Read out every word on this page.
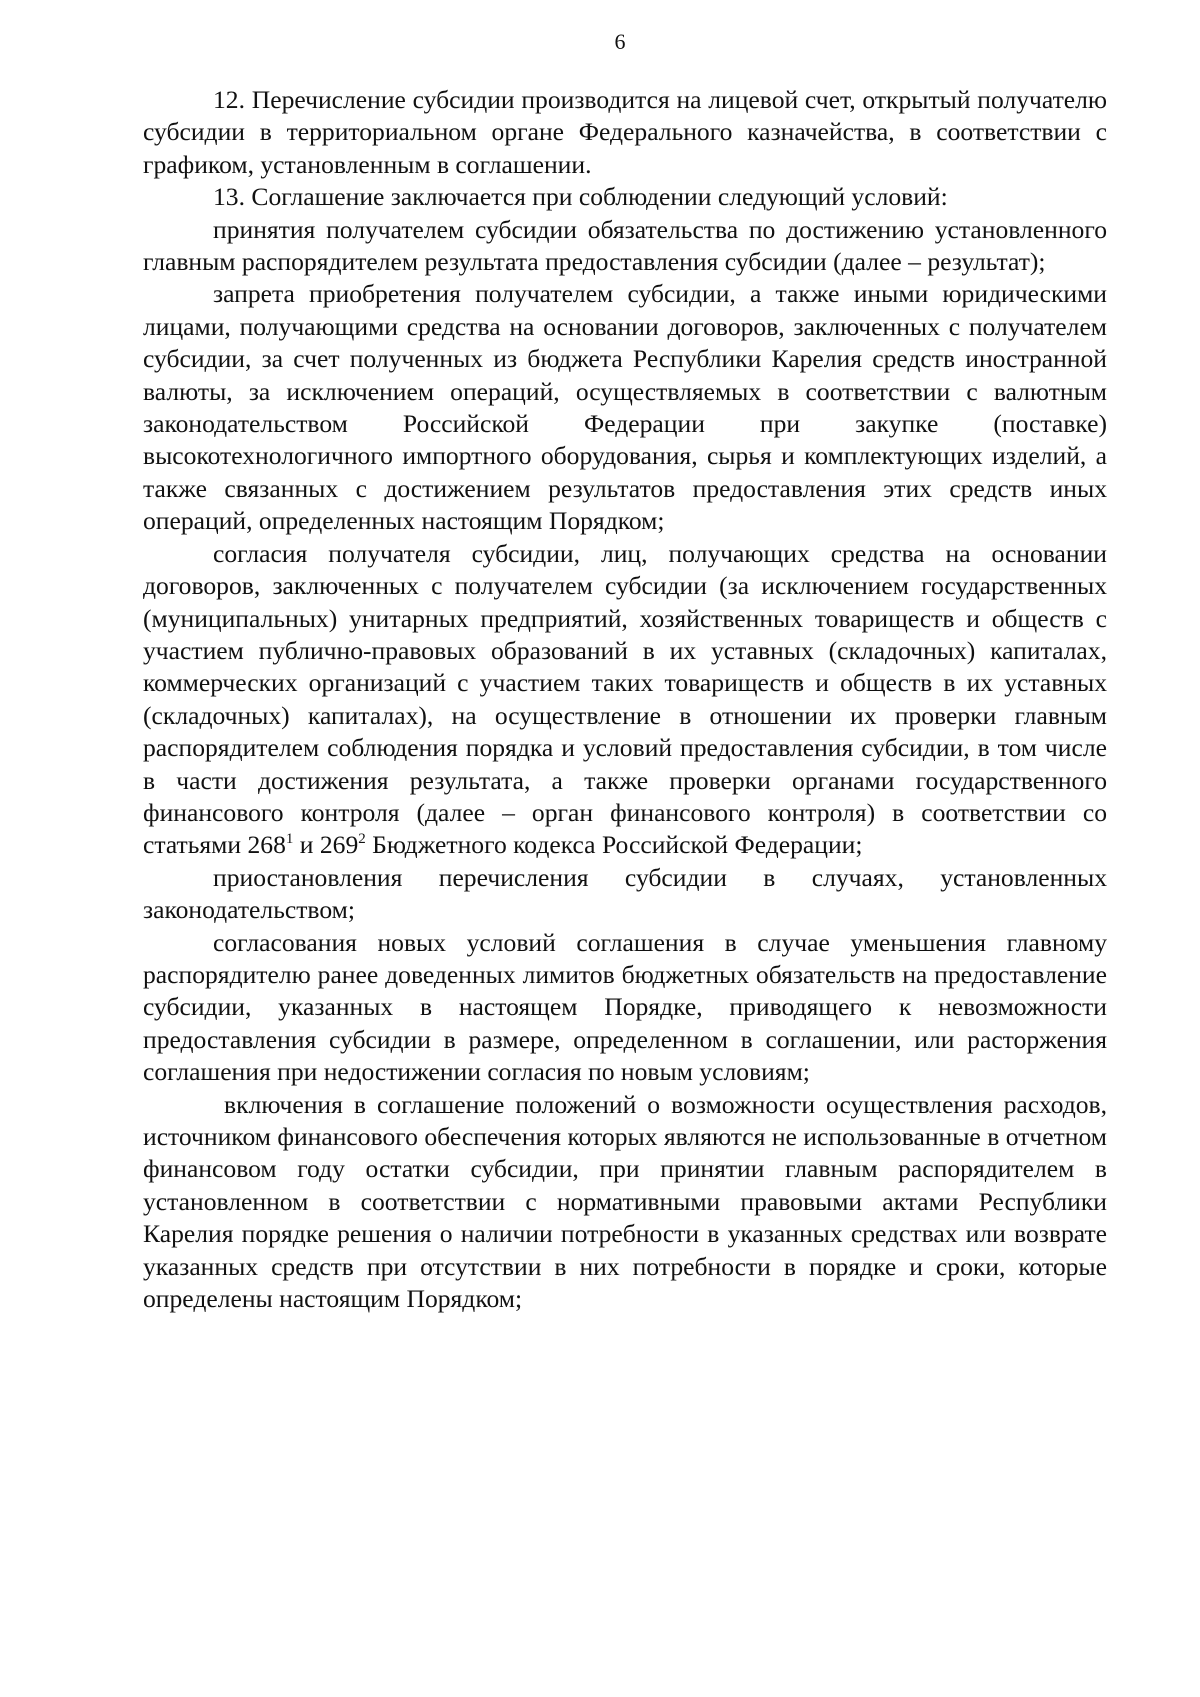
6

12. Перечисление субсидии производится на лицевой счет, открытый получателю субсидии в территориальном органе Федерального казначейства, в соответствии с графиком, установленным в соглашении.

13. Соглашение заключается при соблюдении следующий условий:

принятия получателем субсидии обязательства по достижению установленного главным распорядителем результата предоставления субсидии (далее – результат);

запрета приобретения получателем субсидии, а также иными юридическими лицами, получающими средства на основании договоров, заключенных с получателем субсидии, за счет полученных из бюджета Республики Карелия средств иностранной валюты, за исключением операций, осуществляемых в соответствии с валютным законодательством Российской Федерации при закупке (поставке) высокотехнологичного импортного оборудования, сырья и комплектующих изделий, а также связанных с достижением результатов предоставления этих средств иных операций, определенных настоящим Порядком;

согласия получателя субсидии, лиц, получающих средства на основании договоров, заключенных с получателем субсидии (за исключением государственных (муниципальных) унитарных предприятий, хозяйственных товариществ и обществ с участием публично-правовых образований в их уставных (складочных) капиталах, коммерческих организаций с участием таких товариществ и обществ в их уставных (складочных) капиталах), на осуществление в отношении их проверки главным распорядителем соблюдения порядка и условий предоставления субсидии, в том числе в части достижения результата, а также проверки органами государственного финансового контроля (далее – орган финансового контроля) в соответствии со статьями $268^1$ и $269^2$ Бюджетного кодекса Российской Федерации;

приостановления перечисления субсидии в случаях, установленных законодательством;

согласования новых условий соглашения в случае уменьшения главному распорядителю ранее доведенных лимитов бюджетных обязательств на предоставление субсидии, указанных в настоящем Порядке, приводящего к невозможности предоставления субсидии в размере, определенном в соглашении, или расторжения соглашения при недостижении согласия по новым условиям;

включения в соглашение положений о возможности осуществления расходов, источником финансового обеспечения которых являются не использованные в отчетном финансовом году остатки субсидии, при принятии главным распорядителем в установленном в соответствии с нормативными правовыми актами Республики Карелия порядке решения о наличии потребности в указанных средствах или возврате указанных средств при отсутствии в них потребности в порядке и сроки, которые определены настоящим Порядком;
